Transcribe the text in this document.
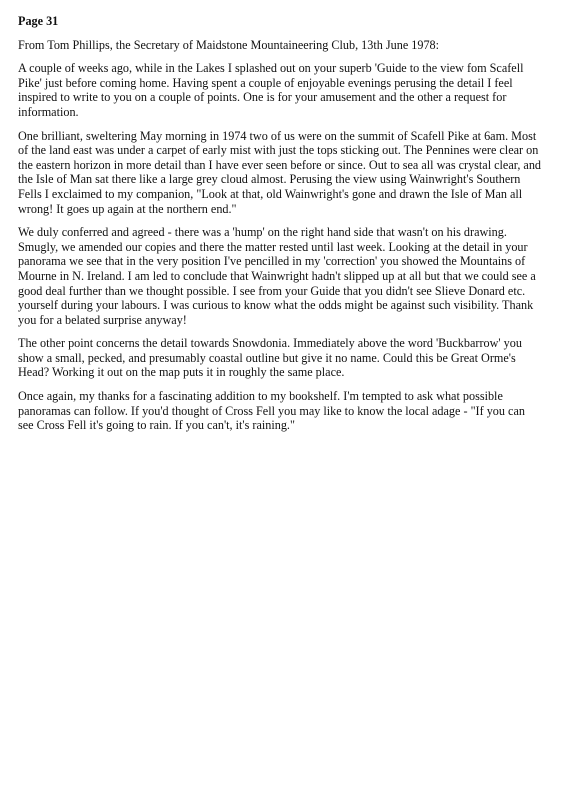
Page 31
From Tom Phillips, the Secretary of Maidstone Mountaineering Club, 13th June 1978:
A couple of weeks ago, while in the Lakes I splashed out on your superb 'Guide to the view fom Scafell Pike' just before coming home. Having spent a couple of enjoyable evenings perusing the detail I feel inspired to write to you on a couple of points. One is for your amusement and the other a request for information.
One brilliant, sweltering May morning in 1974 two of us were on the summit of Scafell Pike at 6am. Most of the land east was under a carpet of early mist with just the tops sticking out. The Pennines were clear on the eastern horizon in more detail than I have ever seen before or since. Out to sea all was crystal clear, and the Isle of Man sat there like a large grey cloud almost. Perusing the view using Wainwright's Southern Fells I exclaimed to my companion, "Look at that, old Wainwright's gone and drawn the Isle of Man all wrong! It goes up again at the northern end."
We duly conferred and agreed - there was a 'hump' on the right hand side that wasn't on his drawing. Smugly, we amended our copies and there the matter rested until last week. Looking at the detail in your panorama we see that in the very position I've pencilled in my 'correction' you showed the Mountains of Mourne in N. Ireland. I am led to conclude that Wainwright hadn't slipped up at all but that we could see a good deal further than we thought possible. I see from your Guide that you didn't see Slieve Donard etc. yourself during your labours. I was curious to know what the odds might be against such visibility. Thank you for a belated surprise anyway!
The other point concerns the detail towards Snowdonia. Immediately above the word 'Buckbarrow' you show a small, pecked, and presumably coastal outline but give it no name. Could this be Great Orme's Head? Working it out on the map puts it in roughly the same place.
Once again, my thanks for a fascinating addition to my bookshelf. I'm tempted to ask what possible panoramas can follow. If you'd thought of Cross Fell you may like to know the local adage - "If you can see Cross Fell it's going to rain. If you can't, it's raining."
